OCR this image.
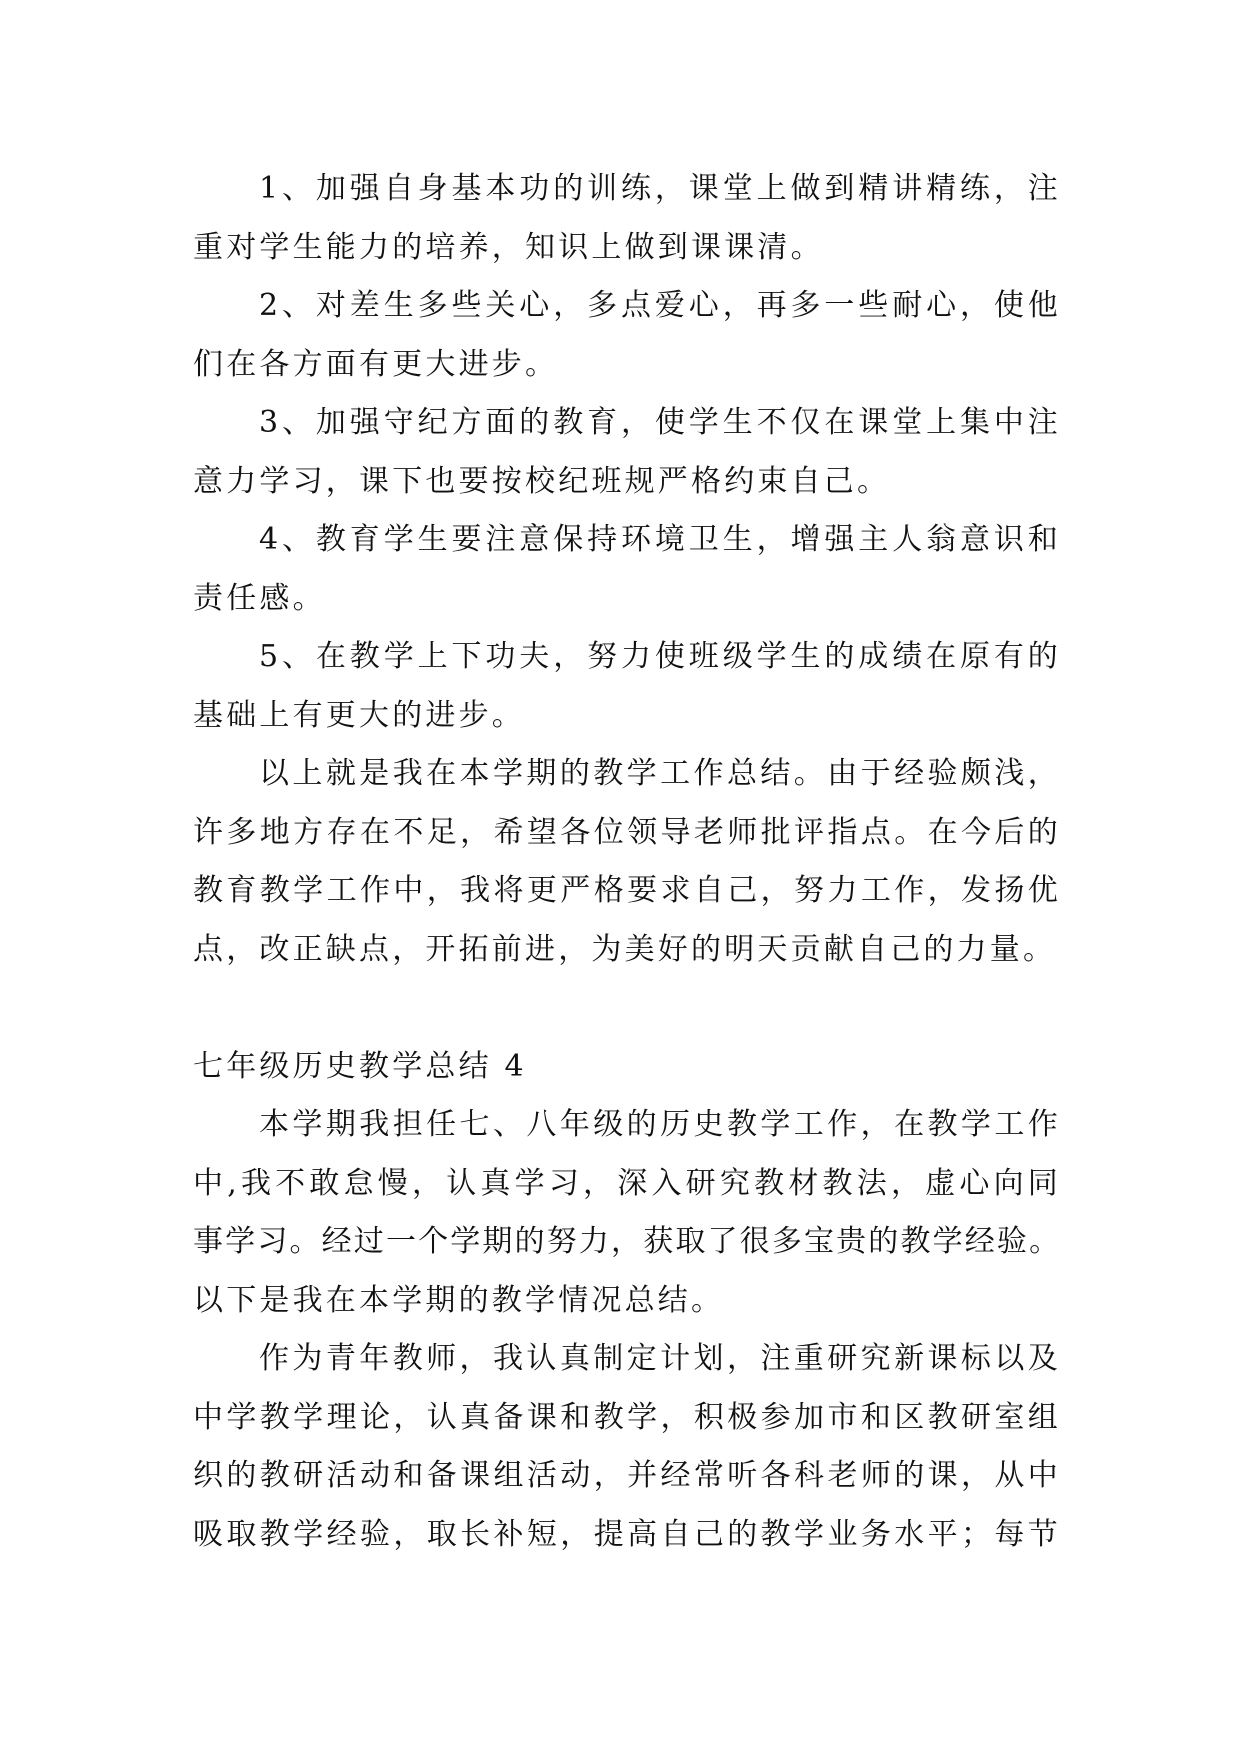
1、加强自身基本功的训练，课堂上做到精讲精练，注
重对学生能力的培养，知识上做到课课清。
2、对差生多些关心，多点爱心，再多一些耐心，使他
们在各方面有更大进步。
3、加强守纪方面的教育，使学生不仅在课堂上集中注
意力学习，课下也要按校纪班规严格约束自己。
4、教育学生要注意保持环境卫生，增强主人翁意识和
责任感。
5、在教学上下功夫，努力使班级学生的成绩在原有的
基础上有更大的进步。
以上就是我在本学期的教学工作总结。由于经验颇浅，
许多地方存在不足，希望各位领导老师批评指点。在今后的
教育教学工作中，我将更严格要求自己，努力工作，发扬优
点，改正缺点，开拓前进，为美好的明天贡献自己的力量。
七年级历史教学总结 4
本学期我担任七、八年级的历史教学工作，在教学工作
中,我不敢怠慢，认真学习，深入研究教材教法，虚心向同
事学习。经过一个学期的努力，获取了很多宝贵的教学经验。
以下是我在本学期的教学情况总结。
作为青年教师，我认真制定计划，注重研究新课标以及
中学教学理论，认真备课和教学，积极参加市和区教研室组
织的教研活动和备课组活动，并经常听各科老师的课，从中
吸取教学经验，取长补短，提高自己的教学业务水平；每节
